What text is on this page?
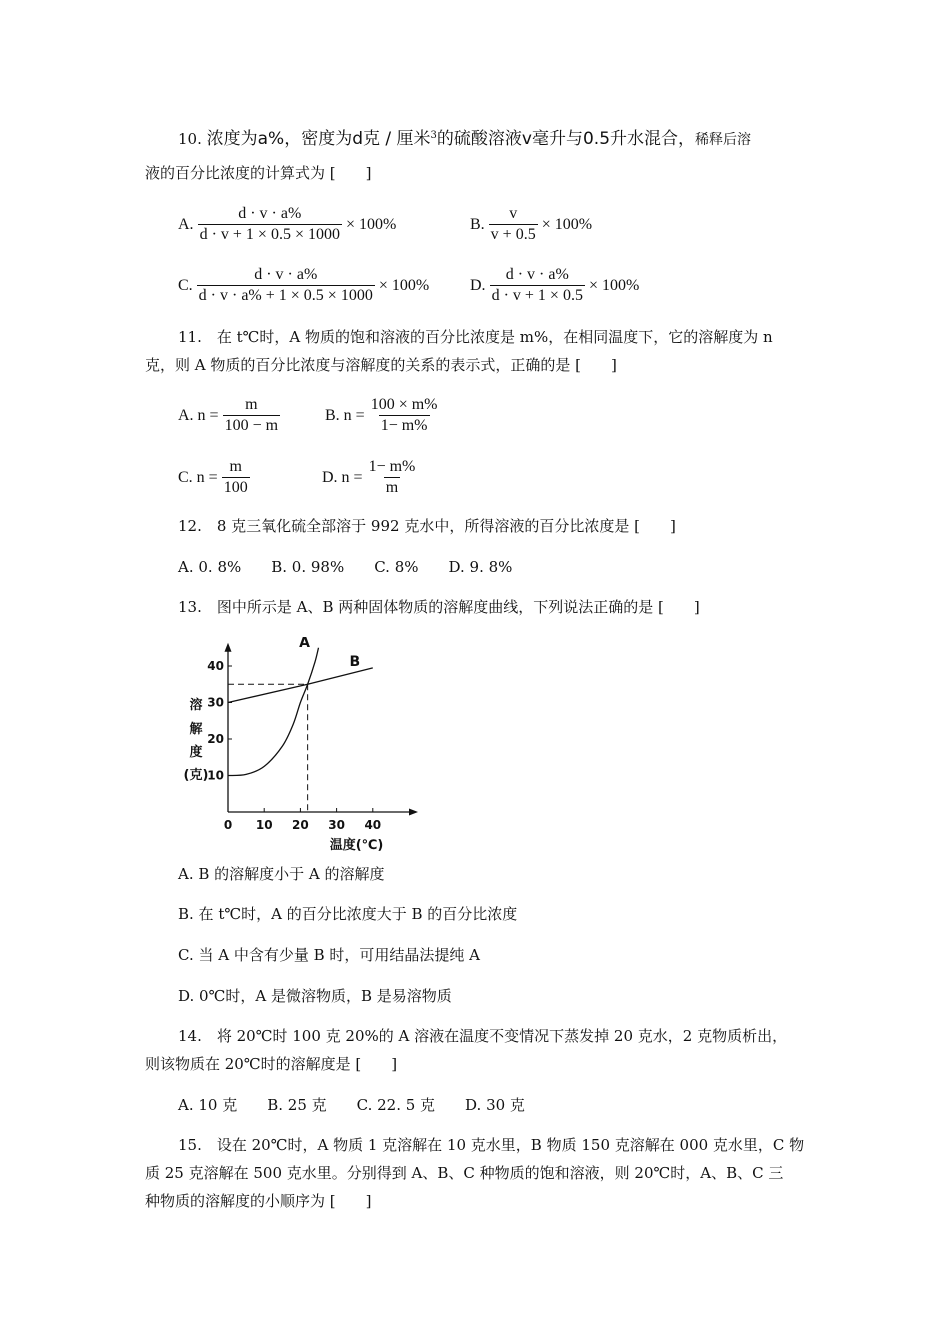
10. 浓度为a%，密度为d克 / 厘米$^3$的硫酸溶液v毫升与0.5升水混合，稀释后溶
液的百分比浓度的计算式为 [　　]
A. $\frac{d \cdot v \cdot a\%}{d \cdot v + 1 \times 0.5 \times 1000} \times 100\%$	B. $\frac{v}{v + 0.5} \times 100\%$
C. $\frac{d \cdot v \cdot a\%}{d \cdot v \cdot a\% + 1 \times 0.5 \times 1000} \times 100\%$	D. $\frac{d \cdot v \cdot a\%}{d \cdot v + 1 \times 0.5} \times 100\%$
11.　在 t℃时，A 物质的饱和溶液的百分比浓度是 m%，在相同温度下，它的溶解度为 n
克，则 A 物质的百分比浓度与溶解度的关系的表示式，正确的是 [　　]
A. $n = \frac{m}{100 - m}$	B. $n = \frac{100 \times m\%}{1- m\%}$
C. $n = \frac{m}{100}$	D. $n = \frac{1- m\%}{m}$
12.　8 克三氧化硫全部溶于 992 克水中，所得溶液的百分比浓度是 [　　]
A. 0. 8%　　B. 0. 98%　　C. 8%　　D. 9. 8%
13.　图中所示是 A、B 两种固体物质的溶解度曲线，下列说法正确的是 [　　]
0 10 20 30 40
10
20
30
40
A
B
溶
解
度
(克)
温度(℃)
A. B 的溶解度小于 A 的溶解度
B. 在 t℃时，A 的百分比浓度大于 B 的百分比浓度
C. 当 A 中含有少量 B 时，可用结晶法提纯 A
D. 0℃时，A 是微溶物质，B 是易溶物质
14.　将 20℃时 100 克 20%的 A 溶液在温度不变情况下蒸发掉 20 克水，2 克物质析出，
则该物质在 20℃时的溶解度是 [　　]
A. 10 克　　B. 25 克　　C. 22. 5 克　　D. 30 克
15.　设在 20℃时，A 物质 1 克溶解在 10 克水里，B 物质 150 克溶解在 000 克水里，C 物
质 25 克溶解在 500 克水里。分别得到 A、B、C 种物质的饱和溶液，则 20℃时，A、B、C 三
种物质的溶解度的小顺序为 [　　]
